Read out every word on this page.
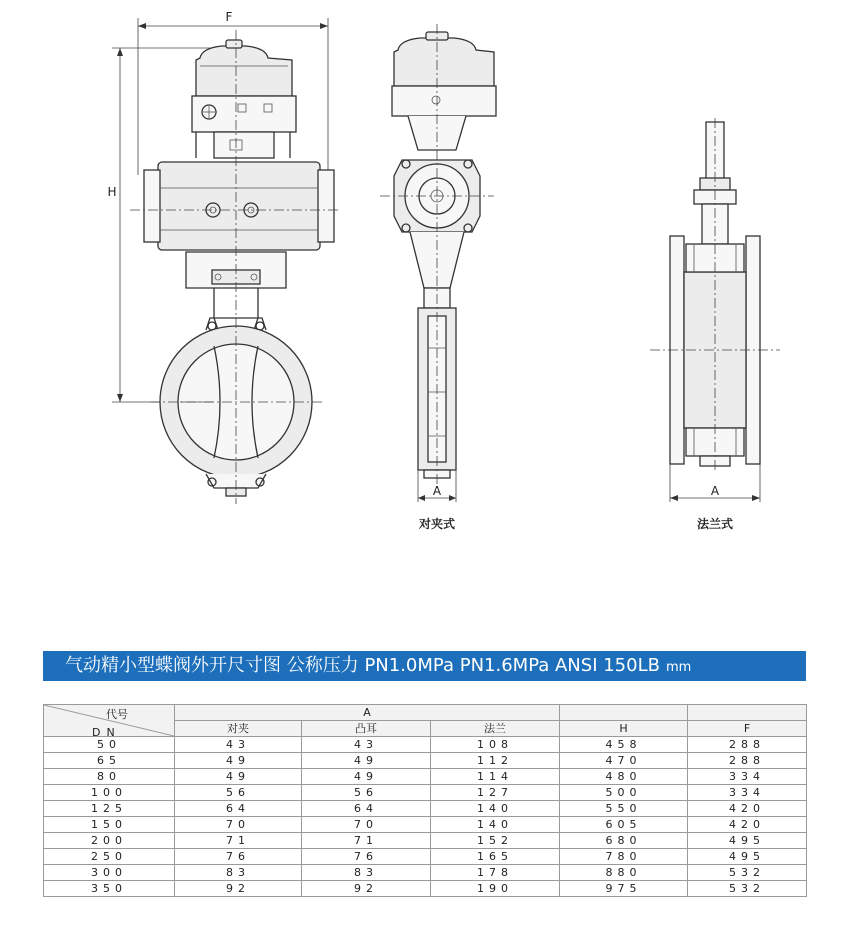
F
H
A
对夹式
A
法兰式
气动精小型蝶阀外开尺寸图 公称压力 PN1.0MPa PN1.6MPa ANSI 150LB mm
代号
DN	A				
	对夹	凸耳	法兰	H	F
50	43	43	108	458	288
65	49	49	112	470	288
80	49	49	114	480	334
100	56	56	127	500	334
125	64	64	140	550	420
150	70	70	140	605	420
200	71	71	152	680	495
250	76	76	165	780	495
300	83	83	178	880	532
350	92	92	190	975	532
